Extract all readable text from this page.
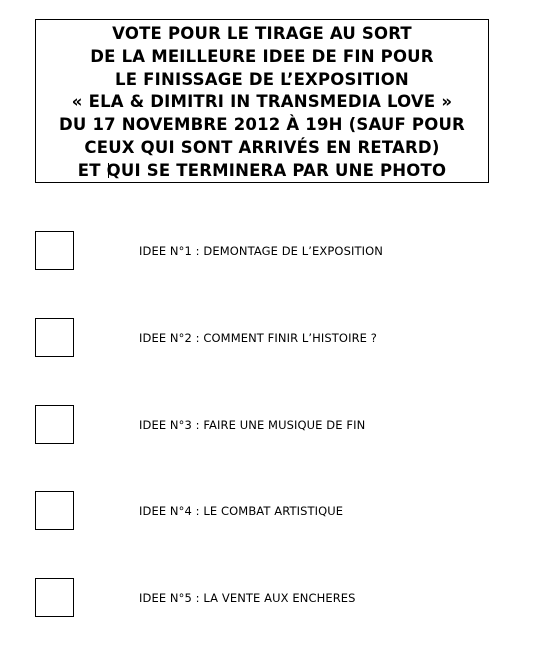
VOTE POUR LE TIRAGE AU SORT
DE LA MEILLEURE IDEE DE FIN POUR
LE FINISSAGE DE L’EXPOSITION
« ELA & DIMITRI IN TRANSMEDIA LOVE »
DU 17 NOVEMBRE 2012 À 19H (SAUF POUR
CEUX QUI SONT ARRIVÉS EN RETARD)
ET QUI SE TERMINERA PAR UNE PHOTO
IDEE N°1 : DEMONTAGE DE L’EXPOSITION
IDEE N°2 : COMMENT FINIR L’HISTOIRE ?
IDEE N°3 : FAIRE UNE MUSIQUE DE FIN
IDEE N°4 : LE COMBAT ARTISTIQUE
IDEE N°5 : LA VENTE AUX ENCHERES
